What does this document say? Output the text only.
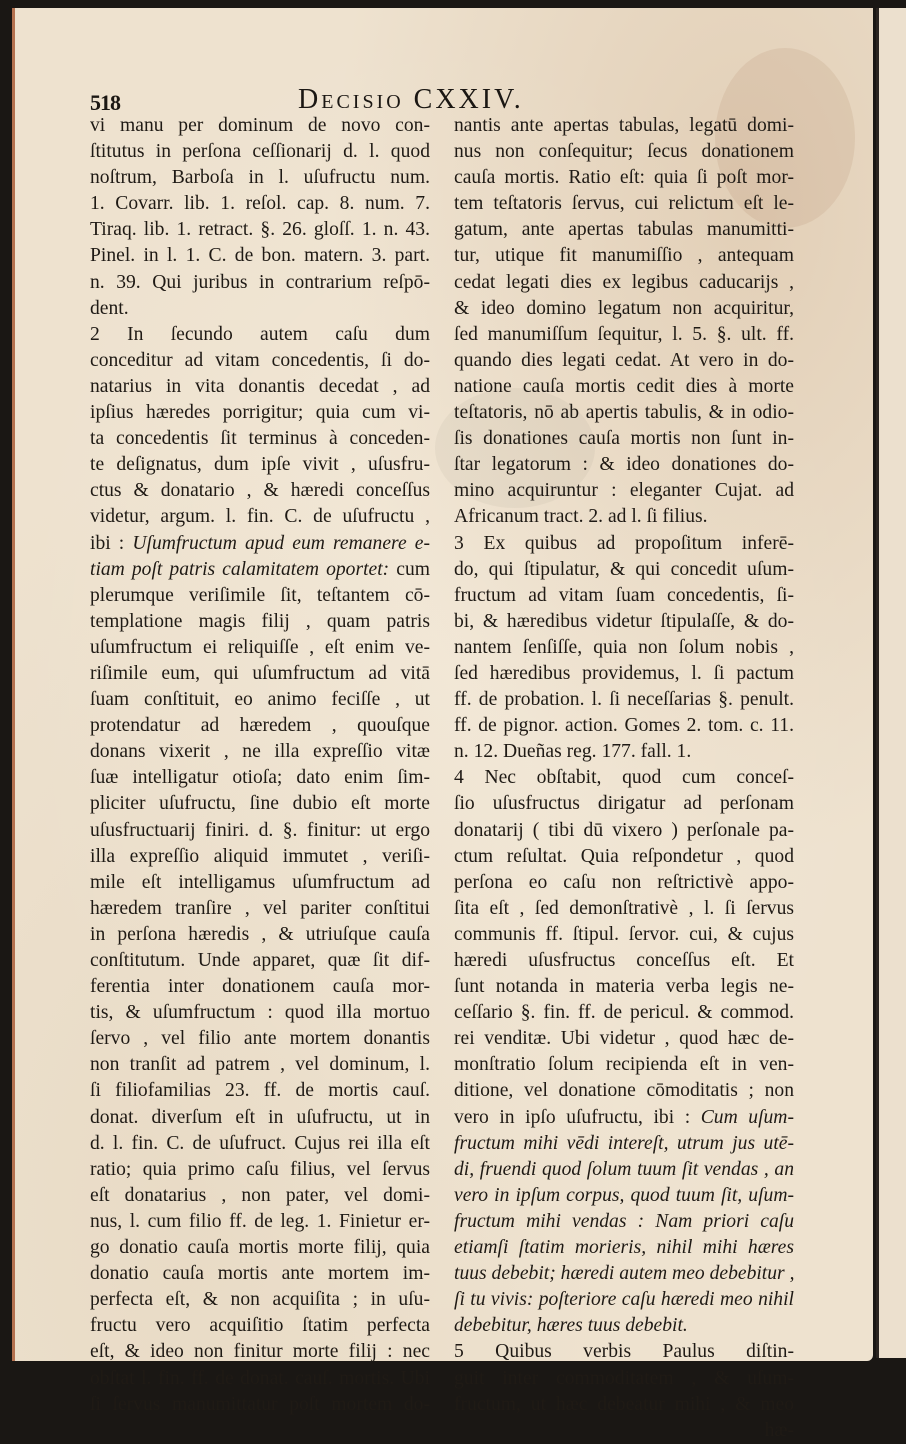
518	Decisio CXXIV.
vi manu per dominum de novo con-
ſtitutus in perſona ceſſionarij d. l. quod
noſtrum, Barboſa in l. uſufructu num.
1. Covarr. lib. 1. reſol. cap. 8. num. 7.
Tiraq. lib. 1. retract. §. 26. gloſſ. 1. n. 43.
Pinel. in l. 1. C. de bon. matern. 3. part.
n. 39. Qui juribus in contrarium reſpō-
dent.
2 In ſecundo autem caſu dum
conceditur ad vitam concedentis, ſi do-
natarius in vita donantis decedat , ad
ipſius hæredes porrigitur; quia cum vi-
ta concedentis ſit terminus à conceden-
te deſignatus, dum ipſe vivit , uſusfru-
ctus & donatario , & hæredi conceſſus
videtur, argum. l. fin. C. de uſufructu ,
ibi : Uſumfructum apud eum remanere e-
tiam poſt patris calamitatem oportet: cum
plerumque veriſimile ſit, teſtantem cō-
templatione magis filij , quam patris
uſumfructum ei reliquiſſe , eſt enim ve-
riſimile eum, qui uſumfructum ad vitā
ſuam conſtituit, eo animo feciſſe , ut
protendatur ad hæredem , quouſque
donans vixerit , ne illa expreſſio vitæ
ſuæ intelligatur otioſa; dato enim ſim-
pliciter uſufructu, ſine dubio eſt morte
uſusfructuarij finiri. d. §. finitur: ut ergo
illa expreſſio aliquid immutet , veriſi-
mile eſt intelligamus uſumfructum ad
hæredem tranſire , vel pariter conſtitui
in perſona hæredis , & utriuſque cauſa
conſtitutum. Unde apparet, quæ ſit dif-
ferentia inter donationem cauſa mor-
tis, & uſumfructum : quod illa mortuo
ſervo , vel filio ante mortem donantis
non tranſit ad patrem , vel dominum, l.
ſi filiofamilias 23. ff. de mortis cauſ.
donat. diverſum eſt in uſufructu, ut in
d. l. fin. C. de uſufruct. Cujus rei illa eſt
ratio; quia primo caſu filius, vel ſervus
eſt donatarius , non pater, vel domi-
nus, l. cum filio ff. de leg. 1. Finietur er-
go donatio cauſa mortis morte filij, quia
donatio cauſa mortis ante mortem im-
perfecta eſt, & non acquiſita ; in uſu-
fructu vero acquiſitio ſtatim perfecta
eſt, & ideo non finitur morte filij : nec
obſtat l. fin. ff. de donat. cauſ. mortis. Ubi
ſi ſervus manumittatur poſt mortem do-
nantis ante apertas tabulas, legatū domi-
nus non conſequitur; ſecus donationem
cauſa mortis. Ratio eſt: quia ſi poſt mor-
tem teſtatoris ſervus, cui relictum eſt le-
gatum, ante apertas tabulas manumitti-
tur, utique fit manumiſſio , antequam
cedat legati dies ex legibus caducarijs ,
& ideo domino legatum non acquiritur,
ſed manumiſſum ſequitur, l. 5. §. ult. ff.
quando dies legati cedat. At vero in do-
natione cauſa mortis cedit dies à morte
teſtatoris, nō ab apertis tabulis, & in odio-
ſis donationes cauſa mortis non ſunt in-
ſtar legatorum : & ideo donationes do-
mino acquiruntur : eleganter Cujat. ad
Africanum tract. 2. ad l. ſi filius.
3 Ex quibus ad propoſitum inferē-
do, qui ſtipulatur, & qui concedit uſum-
fructum ad vitam ſuam concedentis, ſi-
bi, & hæredibus videtur ſtipulaſſe, & do-
nantem ſenſiſſe, quia non ſolum nobis ,
ſed hæredibus providemus, l. ſi pactum
ff. de probation. l. ſi neceſſarias §. penult.
ff. de pignor. action. Gomes 2. tom. c. 11.
n. 12. Dueñas reg. 177. fall. 1.
4 Nec obſtabit, quod cum conceſ-
ſio uſusfructus dirigatur ad perſonam
donatarij ( tibi dū vixero ) perſonale pa-
ctum reſultat. Quia reſpondetur , quod
perſona eo caſu non reſtrictivè appo-
ſita eſt , ſed demonſtrativè , l. ſi ſervus
communis ff. ſtipul. ſervor. cui, & cujus
hæredi uſusfructus conceſſus eſt. Et
ſunt notanda in materia verba legis ne-
ceſſario §. fin. ff. de pericul. & commod.
rei venditæ. Ubi videtur , quod hæc de-
monſtratio ſolum recipienda eſt in ven-
ditione, vel donatione cōmoditatis ; non
vero in ipſo uſufructu, ibi : Cum uſum-
fructum mihi vēdi intereſt, utrum jus utē-
di, fruendi quod ſolum tuum ſit vendas , an
vero in ipſum corpus, quod tuum ſit, uſum-
fructum mihi vendas : Nam priori caſu
etiamſi ſtatim morieris, nihil mihi hæres
tuus debebit; hæredi autem meo debebitur ,
ſi tu vivis: poſteriore caſu hæredi meo nihil
debebitur, hæres tuus debebit.
5 Quibus verbis Paulus diſtin-
guit inter commoditatem , & uſum-
fructum, ut hæc debeatur mihi , & meo
hæ-
